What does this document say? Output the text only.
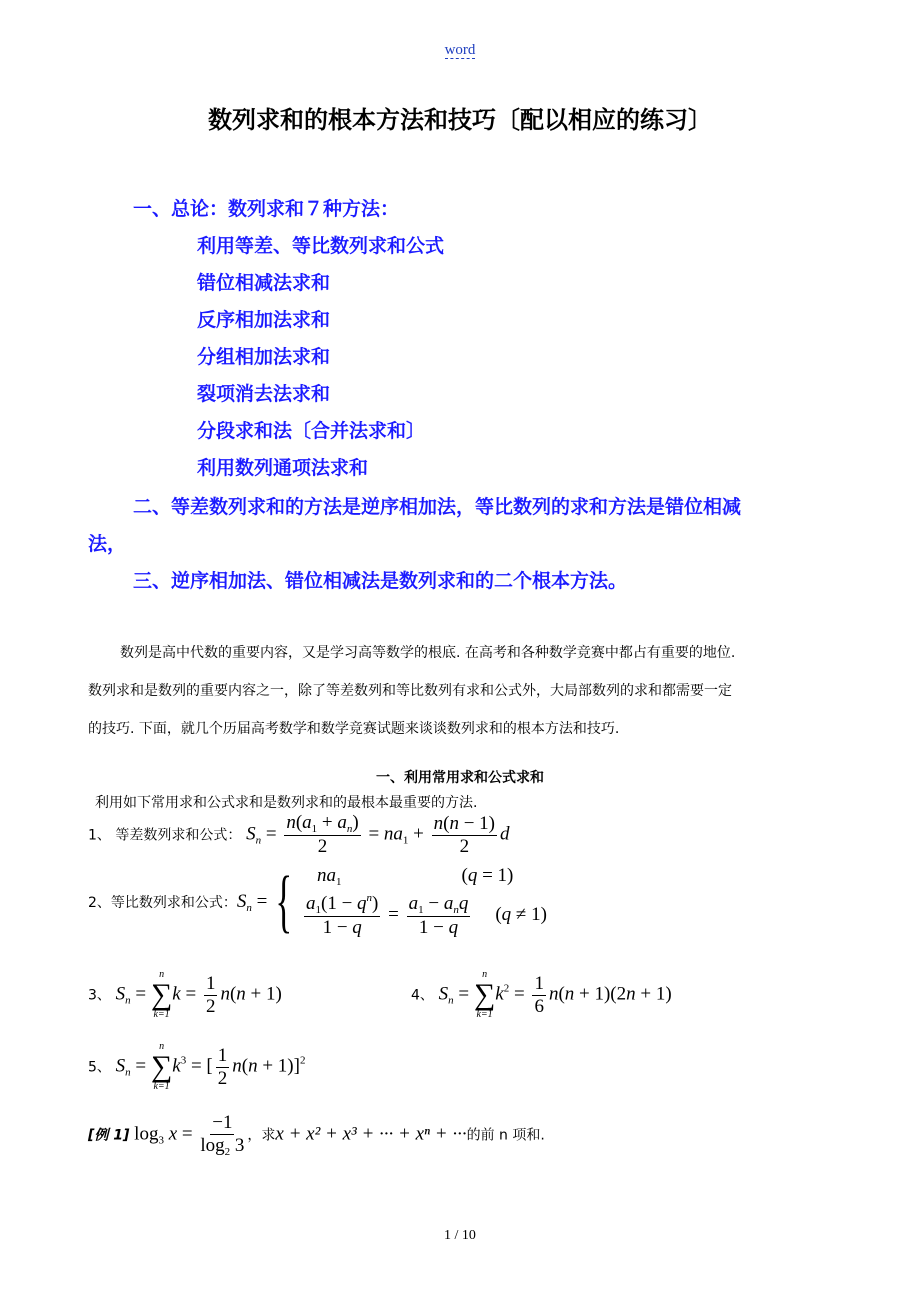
word
数列求和的根本方法和技巧〔配以相应的练习〕
一、总论：数列求和７种方法：
利用等差、等比数列求和公式
错位相减法求和
反序相加法求和
分组相加法求和
裂项消去法求和
分段求和法〔合并法求和〕
利用数列通项法求和
二、等差数列求和的方法是逆序相加法，等比数列的求和方法是错位相减
法，
三、逆序相加法、错位相减法是数列求和的二个根本方法。
数列是高中代数的重要内容，又是学习高等数学的根底. 在高考和各种数学竞赛中都占有重要的地位.
数列求和是数列的重要内容之一，除了等差数列和等比数列有求和公式外，大局部数列的求和都需要一定
的技巧. 下面，就几个历届高考数学和数学竞赛试题来谈谈数列求和的根本方法和技巧.
一、利用常用求和公式求和
利用如下常用求和公式求和是数列求和的最根本最重要的方法.
1、 等差数列求和公式： $S_n = \frac{n(a_1 + a_n)}{2} = na_1 + \frac{n(n - 1)}{2}$ d
2、等比数列求和公式： $S_n$ = {	$na_1$	(q = 1)
$\frac{a_1(1 - q^n)}{1 - q} = \frac{a_1 - a_nq}{1 - q} (q \ne 1)$
3、 $S_n$ =
n
∑
k=1
$k = \frac{1}{2} n(n + 1)$	4、 $S_n$ =
n
∑
k=1
$k^2 = \frac{1}{6} n(n + 1)(2n + 1)$
5、 $S_n$ =
n
∑
k=1
$k^3$ = [ $\frac{1}{2} n(n + 1)]^2$
[例 1] $\log_3 x = \frac{-1}{\log_2 3}$ ，求x + x² + x³ + ··· + xⁿ + ···的前 n 项和.
1 / 10
